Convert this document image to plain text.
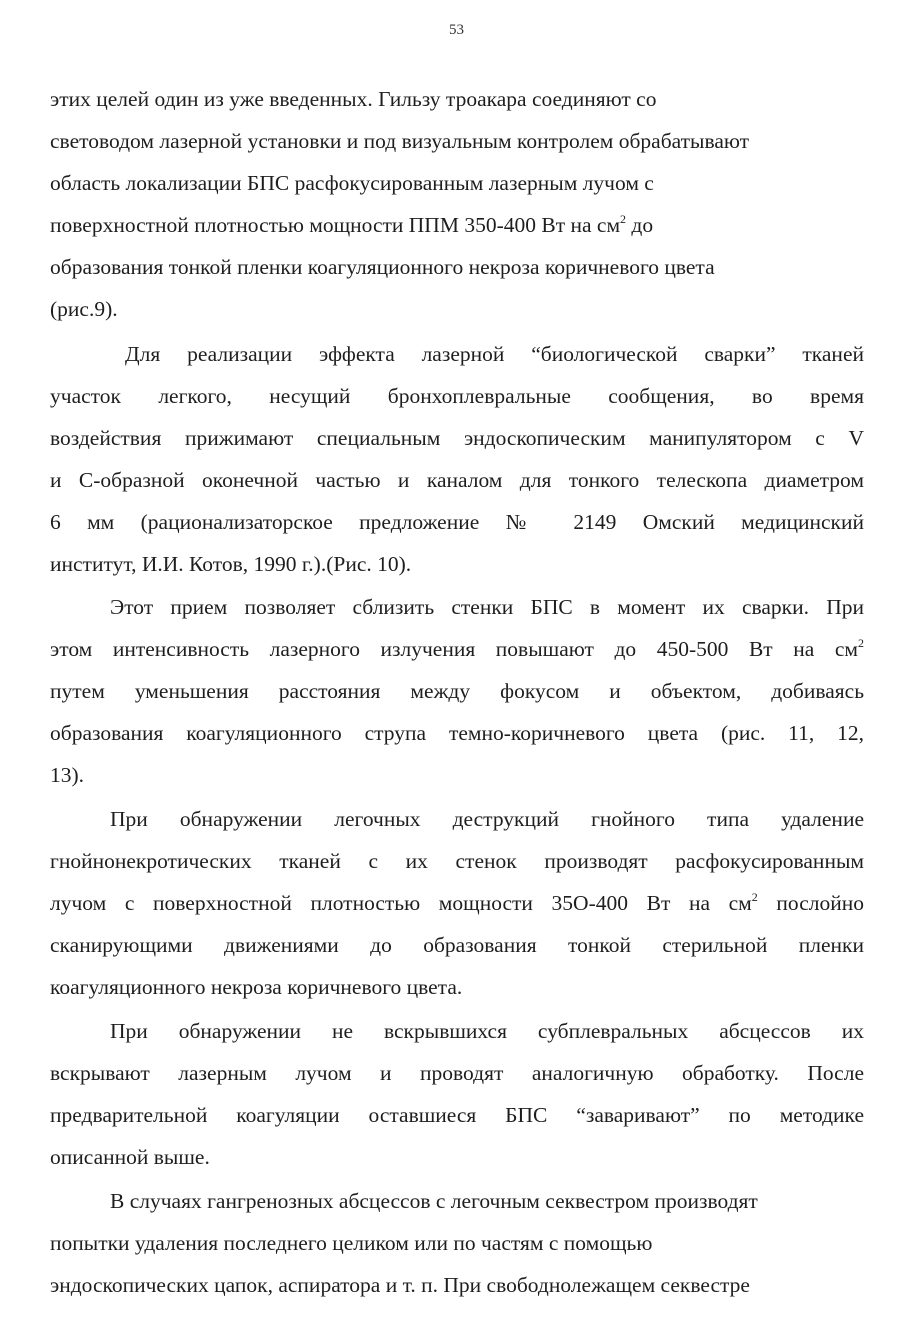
53
этих целей один из уже введенных. Гильзу троакара соединяют со
световодом лазерной установки и под визуальным контролем обрабатывают
область локализации БПС расфокусированным лазерным лучом с
поверхностной плотностью мощности ППМ 350-400 Вт на $см^2$ до
образования тонкой пленки коагуляционного некроза коричневого цвета
(рис.9).
Для реализации эффекта лазерной “биологической сварки” тканей
участок легкого, несущий бронхоплевральные сообщения, во время
воздействия прижимают специальным эндоскопическим манипулятором с V
и С-образной оконечной частью и каналом для тонкого телескопа диаметром
6 мм (рационализаторское предложение № 2149 Омский медицинский
институт, И.И. Котов, 1990 г.).(Рис. 10).
Этот прием позволяет сблизить стенки БПС в момент их сварки. При
этом интенсивность лазерного излучения повышают до 450-500 Вт на $см^2$
путем уменьшения расстояния между фокусом и объектом, добиваясь
образования коагуляционного струпа темно-коричневого цвета (рис. 11, 12,
13).
При обнаружении легочных деструкций гнойного типа удаление
гнойнонекротических тканей с их стенок производят расфокусированным
лучом с поверхностной плотностью мощности 35О-400 Вт на $см^2$ послойно
сканирующими движениями до образования тонкой стерильной пленки
коагуляционного некроза коричневого цвета.
При обнаружении не вскрывшихся субплевральных абсцессов их
вскрывают лазерным лучом и проводят аналогичную обработку. После
предварительной коагуляции оставшиеся БПС “заваривают” по методике
описанной выше.
В случаях гангренозных абсцессов с легочным секвестром производят
попытки удаления последнего целиком или по частям с помощью
эндоскопических цапок, аспиратора и т. п. При свободнолежащем секвестре
